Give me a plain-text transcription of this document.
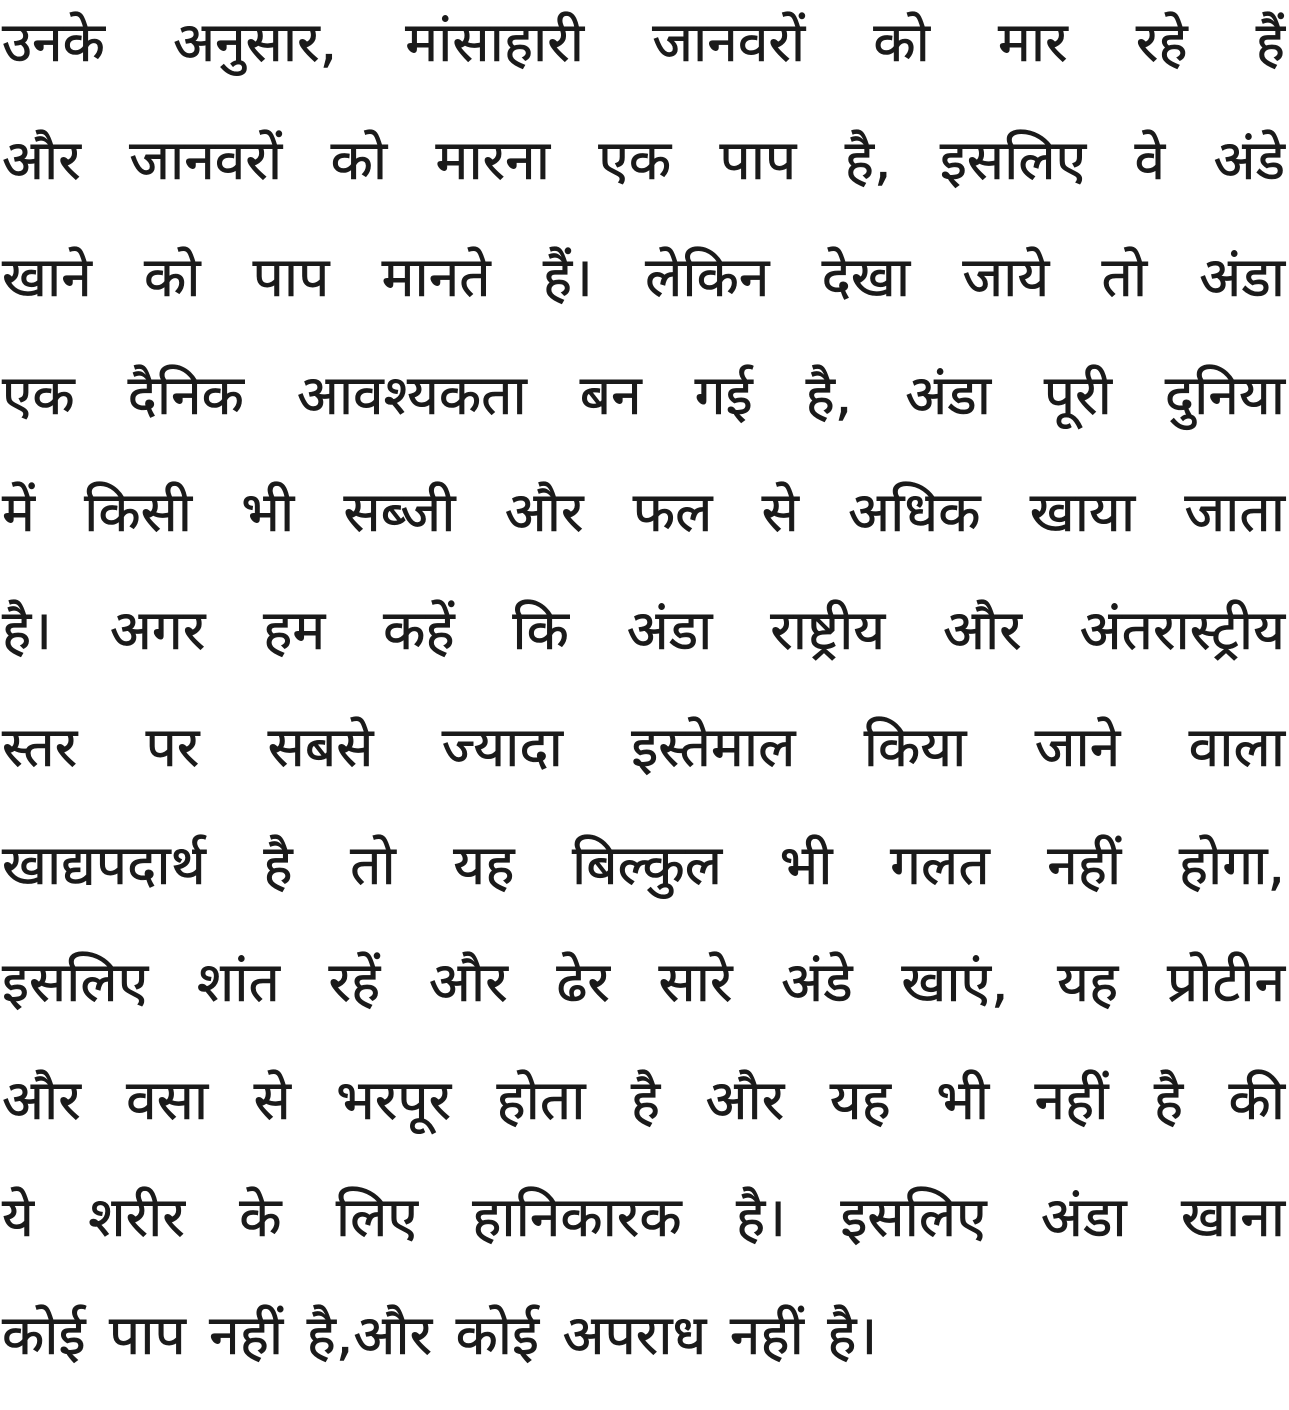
उनके अनुसार, मांसाहारी जानवरों को मार रहे हैं
और जानवरों को मारना एक पाप है, इसलिए वे अंडे
खाने को पाप मानते हैं। लेकिन देखा जाये तो अंडा
एक दैनिक आवश्यकता बन गई है, अंडा पूरी दुनिया
में किसी भी सब्जी और फल से अधिक खाया जाता
है। अगर हम कहें कि अंडा राष्ट्रीय और अंतरास्ट्रीय
स्तर पर सबसे ज्यादा इस्तेमाल किया जाने वाला
खाद्यपदार्थ है तो यह बिल्कुल भी गलत नहीं होगा,
इसलिए शांत रहें और ढेर सारे अंडे खाएं, यह प्रोटीन
और वसा से भरपूर होता है और यह भी नहीं है की
ये शरीर के लिए हानिकारक है। इसलिए अंडा खाना
कोई पाप नहीं है,और कोई अपराध नहीं है।
